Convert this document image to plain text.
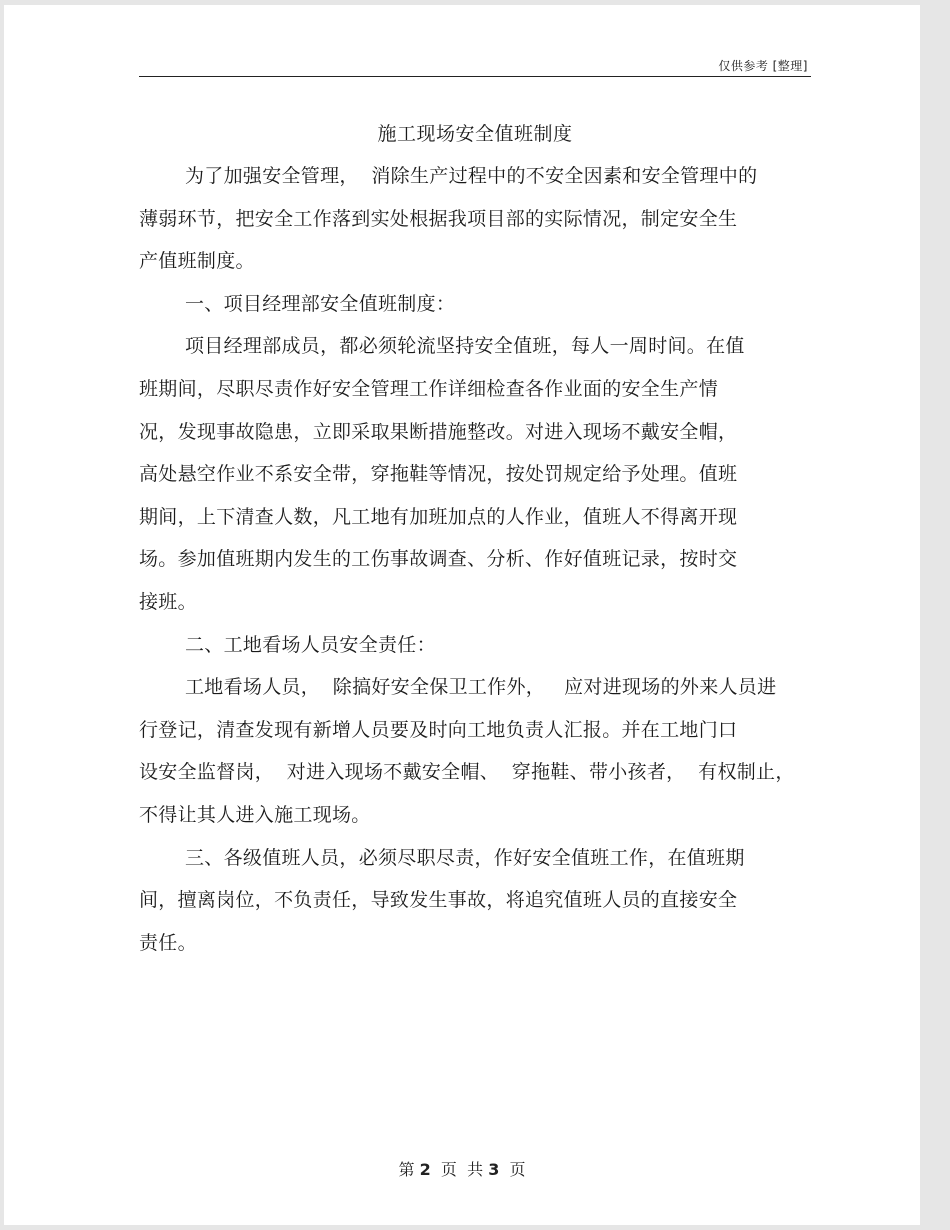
仅供参考 [整理]
施工现场安全值班制度
为了加强安全管理，  消除生产过程中的不安全因素和安全管理中的
薄弱环节，把安全工作落到实处根据我项目部的实际情况，制定安全生
产值班制度。
一、项目经理部安全值班制度：
项目经理部成员，都必须轮流坚持安全值班，每人一周时间。在值
班期间，尽职尽责作好安全管理工作详细检查各作业面的安全生产情
况，发现事故隐患，立即采取果断措施整改。对进入现场不戴安全帽，
高处悬空作业不系安全带，穿拖鞋等情况，按处罚规定给予处理。值班
期间，上下清查人数，凡工地有加班加点的人作业，值班人不得离开现
场。参加值班期内发生的工伤事故调查、分析、作好值班记录，按时交
接班。
二、工地看场人员安全责任：
工地看场人员，  除搞好安全保卫工作外，   应对进现场的外来人员进
行登记，清查发现有新增人员要及时向工地负责人汇报。并在工地门口
设安全监督岗，  对进入现场不戴安全帽、  穿拖鞋、带小孩者，  有权制止，
不得让其人进入施工现场。
三、各级值班人员，必须尽职尽责，作好安全值班工作，在值班期
间，擅离岗位，不负责任，导致发生事故，将追究值班人员的直接安全
责任。
第 2 页  共 3 页
